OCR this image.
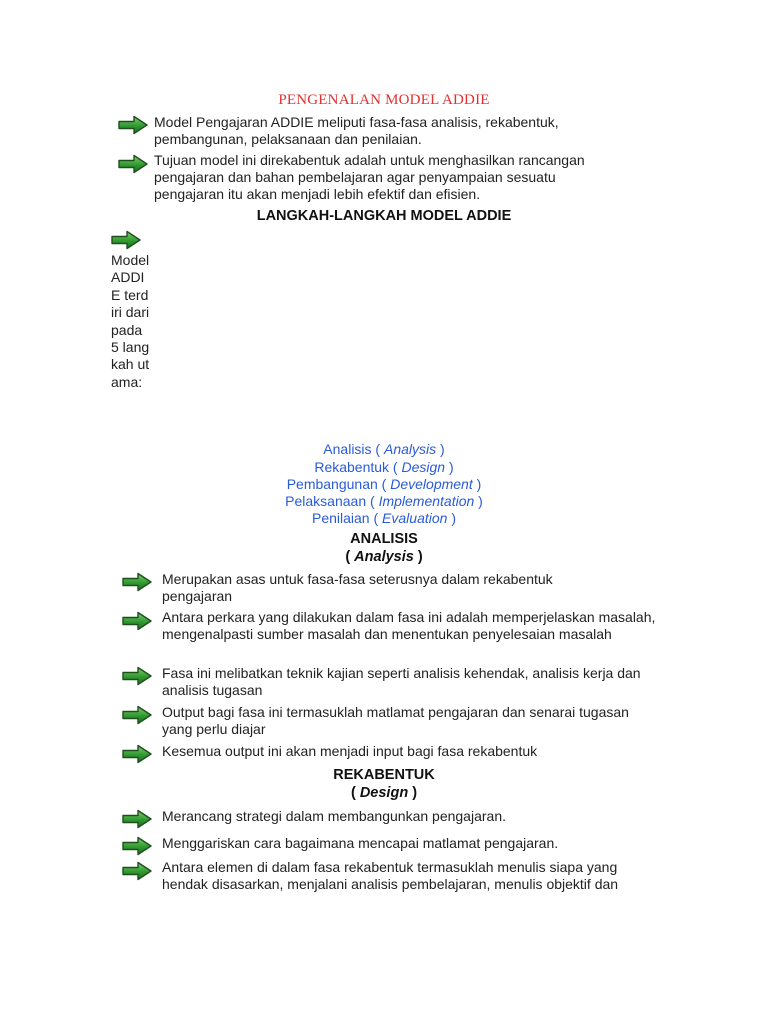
PENGENALAN MODEL ADDIE
Model Pengajaran ADDIE meliputi fasa-fasa analisis, rekabentuk, pembangunan, pelaksanaan dan penilaian.
Tujuan model ini direkabentuk adalah untuk menghasilkan rancangan pengajaran dan bahan pembelajaran agar penyampaian sesuatu pengajaran itu akan menjadi lebih efektif dan efisien.
LANGKAH-LANGKAH MODEL ADDIE
Model ADDIE terdiri daripada 5 langkah utama:
Analisis ( Analysis )
Rekabentuk ( Design )
Pembangunan ( Development )
Pelaksanaan ( Implementation )
Penilaian ( Evaluation )
ANALISIS
( Analysis )
Merupakan asas untuk fasa-fasa seterusnya dalam rekabentuk pengajaran
Antara perkara yang dilakukan dalam fasa ini adalah memperjelaskan masalah, mengenalpasti sumber masalah dan menentukan penyelesaian masalah
Fasa ini melibatkan teknik kajian seperti analisis kehendak, analisis kerja dan analisis tugasan
Output bagi fasa ini termasuklah matlamat pengajaran dan senarai tugasan yang perlu diajar
Kesemua output ini akan menjadi input bagi fasa rekabentuk
REKABENTUK
( Design )
Merancang strategi dalam membangunkan pengajaran.
Menggariskan cara bagaimana mencapai matlamat pengajaran.
Antara elemen di dalam fasa rekabentuk termasuklah menulis siapa yang hendak disasarkan, menjalani analisis pembelajaran, menulis objektif dan
